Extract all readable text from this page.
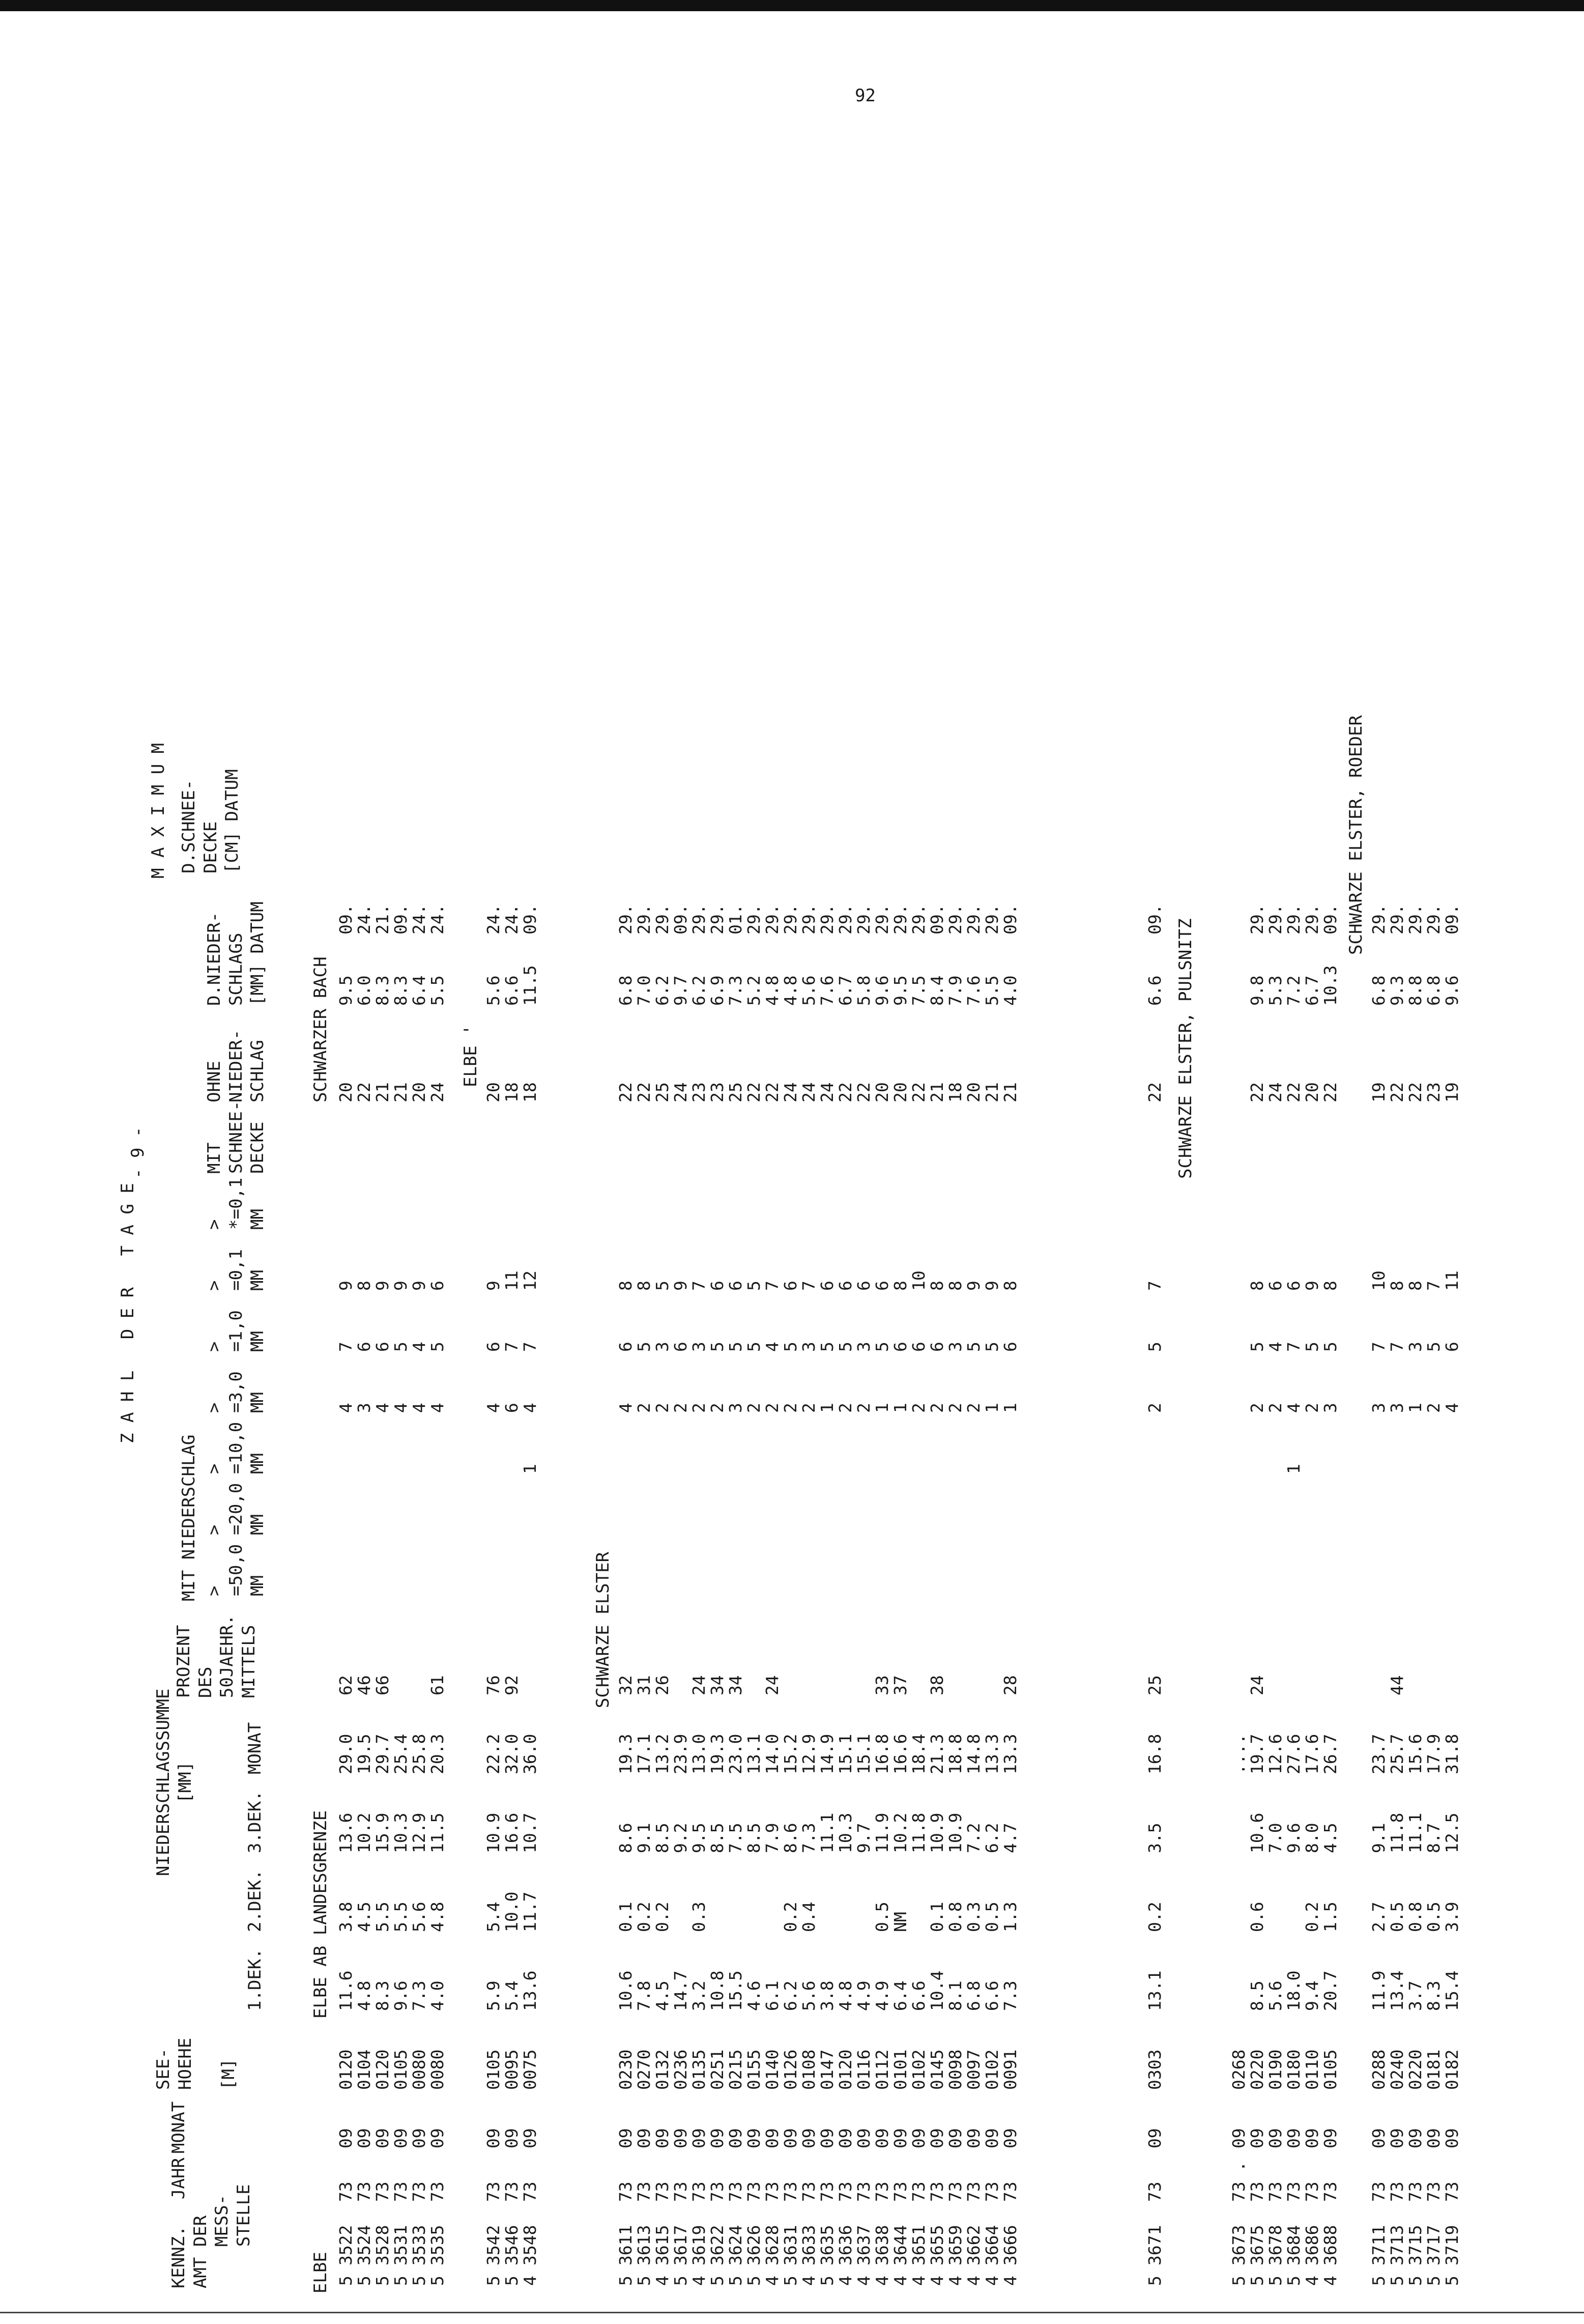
92
- 9 -
KENNZ.
AMT DER
MESS-
STELLE
JAHR
MONAT
SEE-
HOEHE

[M]
NIEDERSCHLAGSSUMME
[MM]
1.DEK.
2.DEK.
3.DEK.
MONAT
PROZENT
DES
50JAEHR.
MITTELS
Z A H L   D E R   T A G E
MIT NIEDERSCHLAG >
=50,0
MM
>
=20,0
MM
>
=10,0
MM
>
=3,0
MM
>
=1,0
MM
>
=0,1
MM
>
*=0,1
MM
MIT
SCHNEE-
DECKE
OHNE
NIEDER-
SCHLAG
M A X I M U M
D.NIEDER-
SCHLAGS
[MM] DATUM
D.SCHNEE-
DECKE
[CM] DATUM
ELBE
ELBE AB LANDESGRENZE
SCHWARZER BACH
5
3522
73
09
0120
11.6
3.8
13.6
29.0
62
4
7
9
20
9.5
09.
5
3524
73
09
0104
4.8
4.5
10.2
19.5
46
3
6
8
22
6.0
24.
5
3528
73
09
0120
8.3
5.5
15.9
29.7
66
4
6
9
21
8.3
21.
5
3531
73
09
0105
9.6
5.5
10.3
25.4
4
5
9
21
8.3
09.
5
3533
73
09
0080
7.3
5.6
12.9
25.8
4
4
9
20
6.4
24.
5
3535
73
09
0080
4.0
4.8
11.5
20.3
61
4
5
6
24
5.5
24.
ELBE '
5
3542
73
09
0105
5.9
5.4
10.9
22.2
76
4
6
9
20
5.6
24.
5
3546
73
09
0095
5.4
10.0
16.6
32.0
92
6
7
11
18
6.6
24.
4
3548
73
09
0075
13.6
11.7
10.7
36.0
1
4
7
12
18
11.5
09.
SCHWARZE ELSTER
5
3611
73
09
0230
10.6
0.1
8.6
19.3
32
4
6
8
22
6.8
29.
5
3613
73
09
0270
7.8
0.2
9.1
17.1
31
2
5
8
22
7.0
29.
4
3615
73
09
0132
4.5
0.2
8.5
13.2
26
2
3
5
25
6.2
29.
5
3617
73
09
0236
14.7
9.2
23.9
2
6
9
24
9.7
09.
4
3619
73
09
0135
3.2
0.3
9.5
13.0
24
2
3
7
23
6.2
29.
5
3622
73
09
0251
10.8
8.5
19.3
34
2
5
6
23
6.9
29.
5
3624
73
09
0215
15.5
7.5
23.0
34
3
5
6
25
7.3
01.
5
3626
73
09
0155
4.6
8.5
13.1
2
5
5
22
5.2
29.
4
3628
73
09
0140
6.1
7.9
14.0
24
2
4
7
22
4.8
29.
5
3631
73
09
0126
6.2
0.2
8.6
15.2
2
5
6
24
4.8
29.
4
3633
73
09
0108
5.6
0.4
7.3
12.9
2
3
7
24
5.6
29.
5
3635
73
09
0147
3.8
11.1
14.9
1
5
6
24
7.6
29.
4
3636
73
09
0120
4.8
10.3
15.1
2
5
6
22
6.7
29.
4
3637
73
09
0116
4.9
9.7
15.1
2
3
6
22
5.8
29.
4
3638
73
09
0112
4.9
0.5
11.9
16.8
33
1
5
6
20
9.6
29.
4
3644
73
09
0101
6.4
NM
10.2
16.6
37
1
6
8
20
9.5
29.
4
3651
73
09
0102
6.6
11.8
18.4
2
6
10
22
7.5
29.
4
3655
73
09
0145
10.4
0.1
10.9
21.3
38
2
6
8
21
8.4
09.
4
3659
73
09
0098
8.1
0.8
10.9
18.8
2
3
8
18
7.9
29.
4
3662
73
09
0097
6.8
0.3
7.2
14.8
2
5
9
20
7.6
29.
4
3664
73
09
0102
6.6
0.5
6.2
13.3
1
5
9
21
5.5
29.
4
3666
73
09
0091
7.3
1.3
4.7
13.3
28
1
6
8
21
4.0
09.	SCHWARZE ELSTER, PULSNITZ
5
3671
73
09
0303
13.1
0.2
3.5
16.8
25
2
5
7
22
6.6
09.
5
3673
73 .
09
0268
....
5
3675
73
09
0220
8.5
0.6
10.6
19.7
24
2
5
8
22
9.8
29.
5
3678
73
09
0190
5.6
7.0
12.6
2
4
6
24
5.3
29.
5
3684
73
09
0180
18.0
9.6
27.6
1
4
7
6
22
7.2
29.
4
3686
73
09
0110
9.4
0.2
8.0
17.6
2
5
9
20
6.7
29.
4
3688
73
09
0105
20.7
1.5
4.5
26.7
3
5
8
22
10.3
09. SCHWARZE ELSTER, ROEDER
5
3711
73
09
0288
11.9
2.7
9.1
23.7
3
7
10
19
6.8
29.
5
3713
73
09
0240
13.4
0.5
11.8
25.7
44
3
7
8
22
9.3
29.
5
3715
73
09
0220
3.7
0.8
11.1
15.6
1
3
8
22
8.8
29.
5
3717
73
09
0181
8.3
0.5
8.7
17.9
2
5
7
23
6.8
29.
5
3719
73
09
0182
15.4
3.9
12.5
31.8
4
6
11
19
9.6
09.
